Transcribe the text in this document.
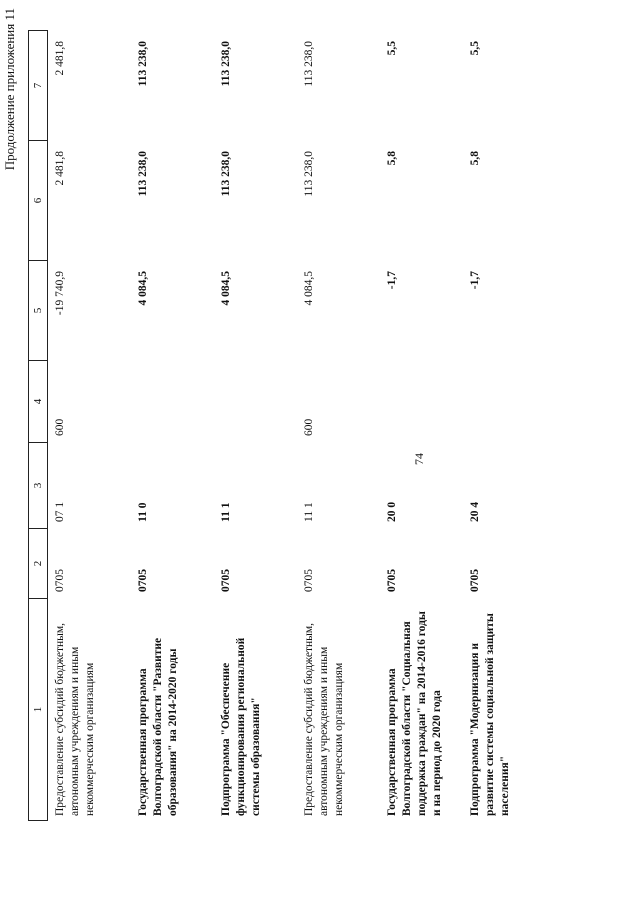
Продолжение приложения 11
74
1	2	3	4	5	6	7
Предоставление субсидий бюджетным, автономным учреждениям и иным некоммерческим организациям	0705	07 1	600	-19 740,9	2 481,8	2 481,8
Государственная программа Волгоградской области "Развитие образования" на 2014-2020 годы	0705	11 0		4 084,5	113 238,0	113 238,0
Подпрограмма "Обеспечение функционирования региональной системы образования"	0705	11 1		4 084,5	113 238,0	113 238,0
Предоставление субсидий бюджетным, автономным учреждениям и иным некоммерческим организациям	0705	11 1	600	4 084,5	113 238,0	113 238,0
Государственная программа Волгоградской области "Социальная поддержка граждан" на 2014-2016 годы и на период до 2020 года	0705	20 0		-1,7	5,8	5,5
Подпрограмма "Модернизация и развитие системы социальной защиты населения"	0705	20 4		-1,7	5,8	5,5
